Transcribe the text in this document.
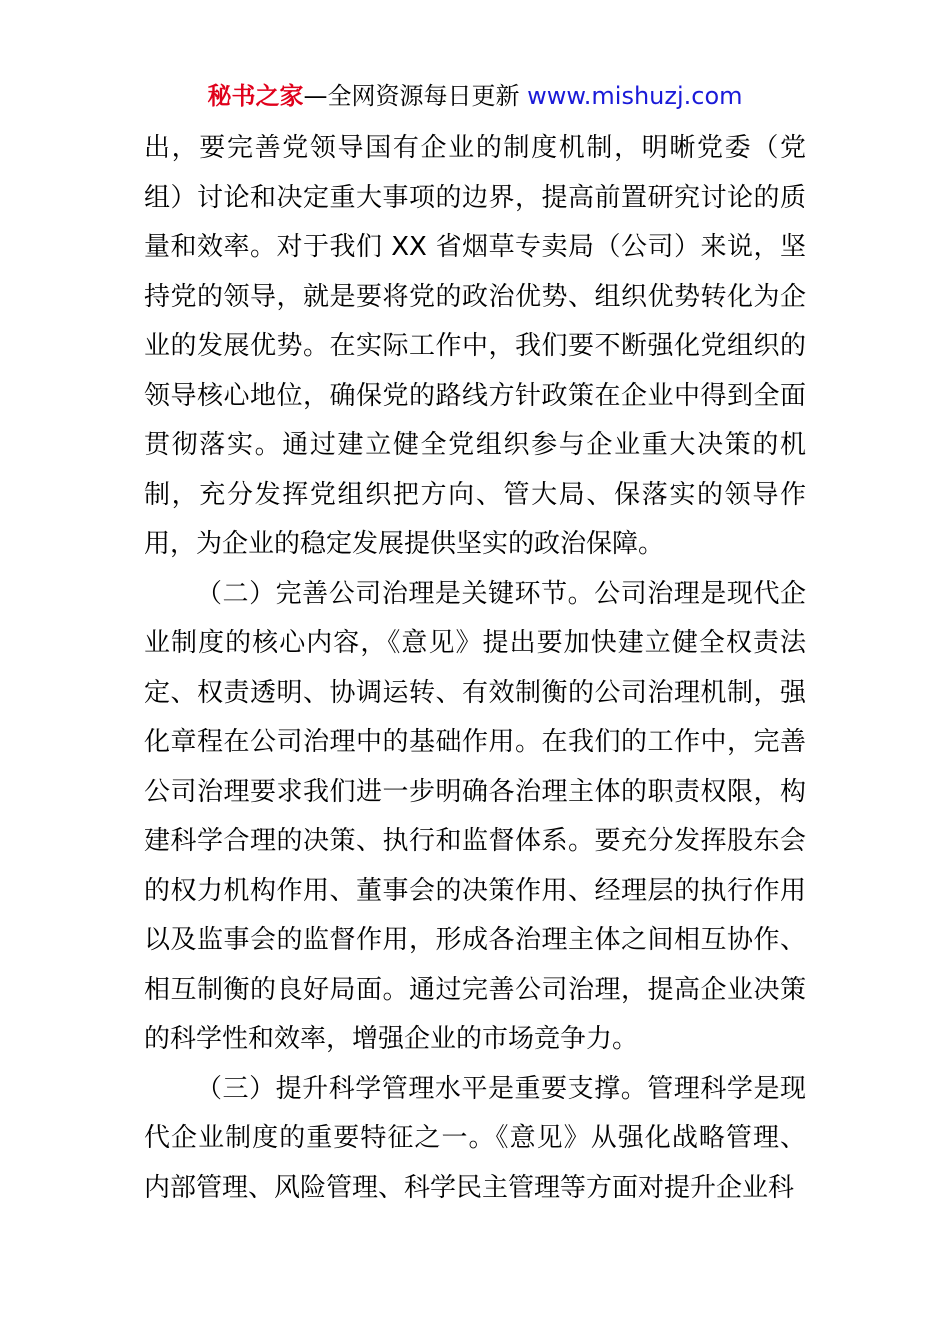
秘书之家—全网资源每日更新 www.mishuzj.com

出，要完善党领导国有企业的制度机制，明晰党委（党组）讨论和决定重大事项的边界，提高前置研究讨论的质量和效率。对于我们 XX 省烟草专卖局（公司）来说，坚持党的领导，就是要将党的政治优势、组织优势转化为企业的发展优势。在实际工作中，我们要不断强化党组织的领导核心地位，确保党的路线方针政策在企业中得到全面贯彻落实。通过建立健全党组织参与企业重大决策的机制，充分发挥党组织把方向、管大局、保落实的领导作用，为企业的稳定发展提供坚实的政治保障。

（二）完善公司治理是关键环节。公司治理是现代企业制度的核心内容，《意见》提出要加快建立健全权责法定、权责透明、协调运转、有效制衡的公司治理机制，强化章程在公司治理中的基础作用。在我们的工作中，完善公司治理要求我们进一步明确各治理主体的职责权限，构建科学合理的决策、执行和监督体系。要充分发挥股东会的权力机构作用、董事会的决策作用、经理层的执行作用以及监事会的监督作用，形成各治理主体之间相互协作、相互制衡的良好局面。通过完善公司治理，提高企业决策的科学性和效率，增强企业的市场竞争力。

（三）提升科学管理水平是重要支撑。管理科学是现代企业制度的重要特征之一。《意见》从强化战略管理、内部管理、风险管理、科学民主管理等方面对提升企业科
